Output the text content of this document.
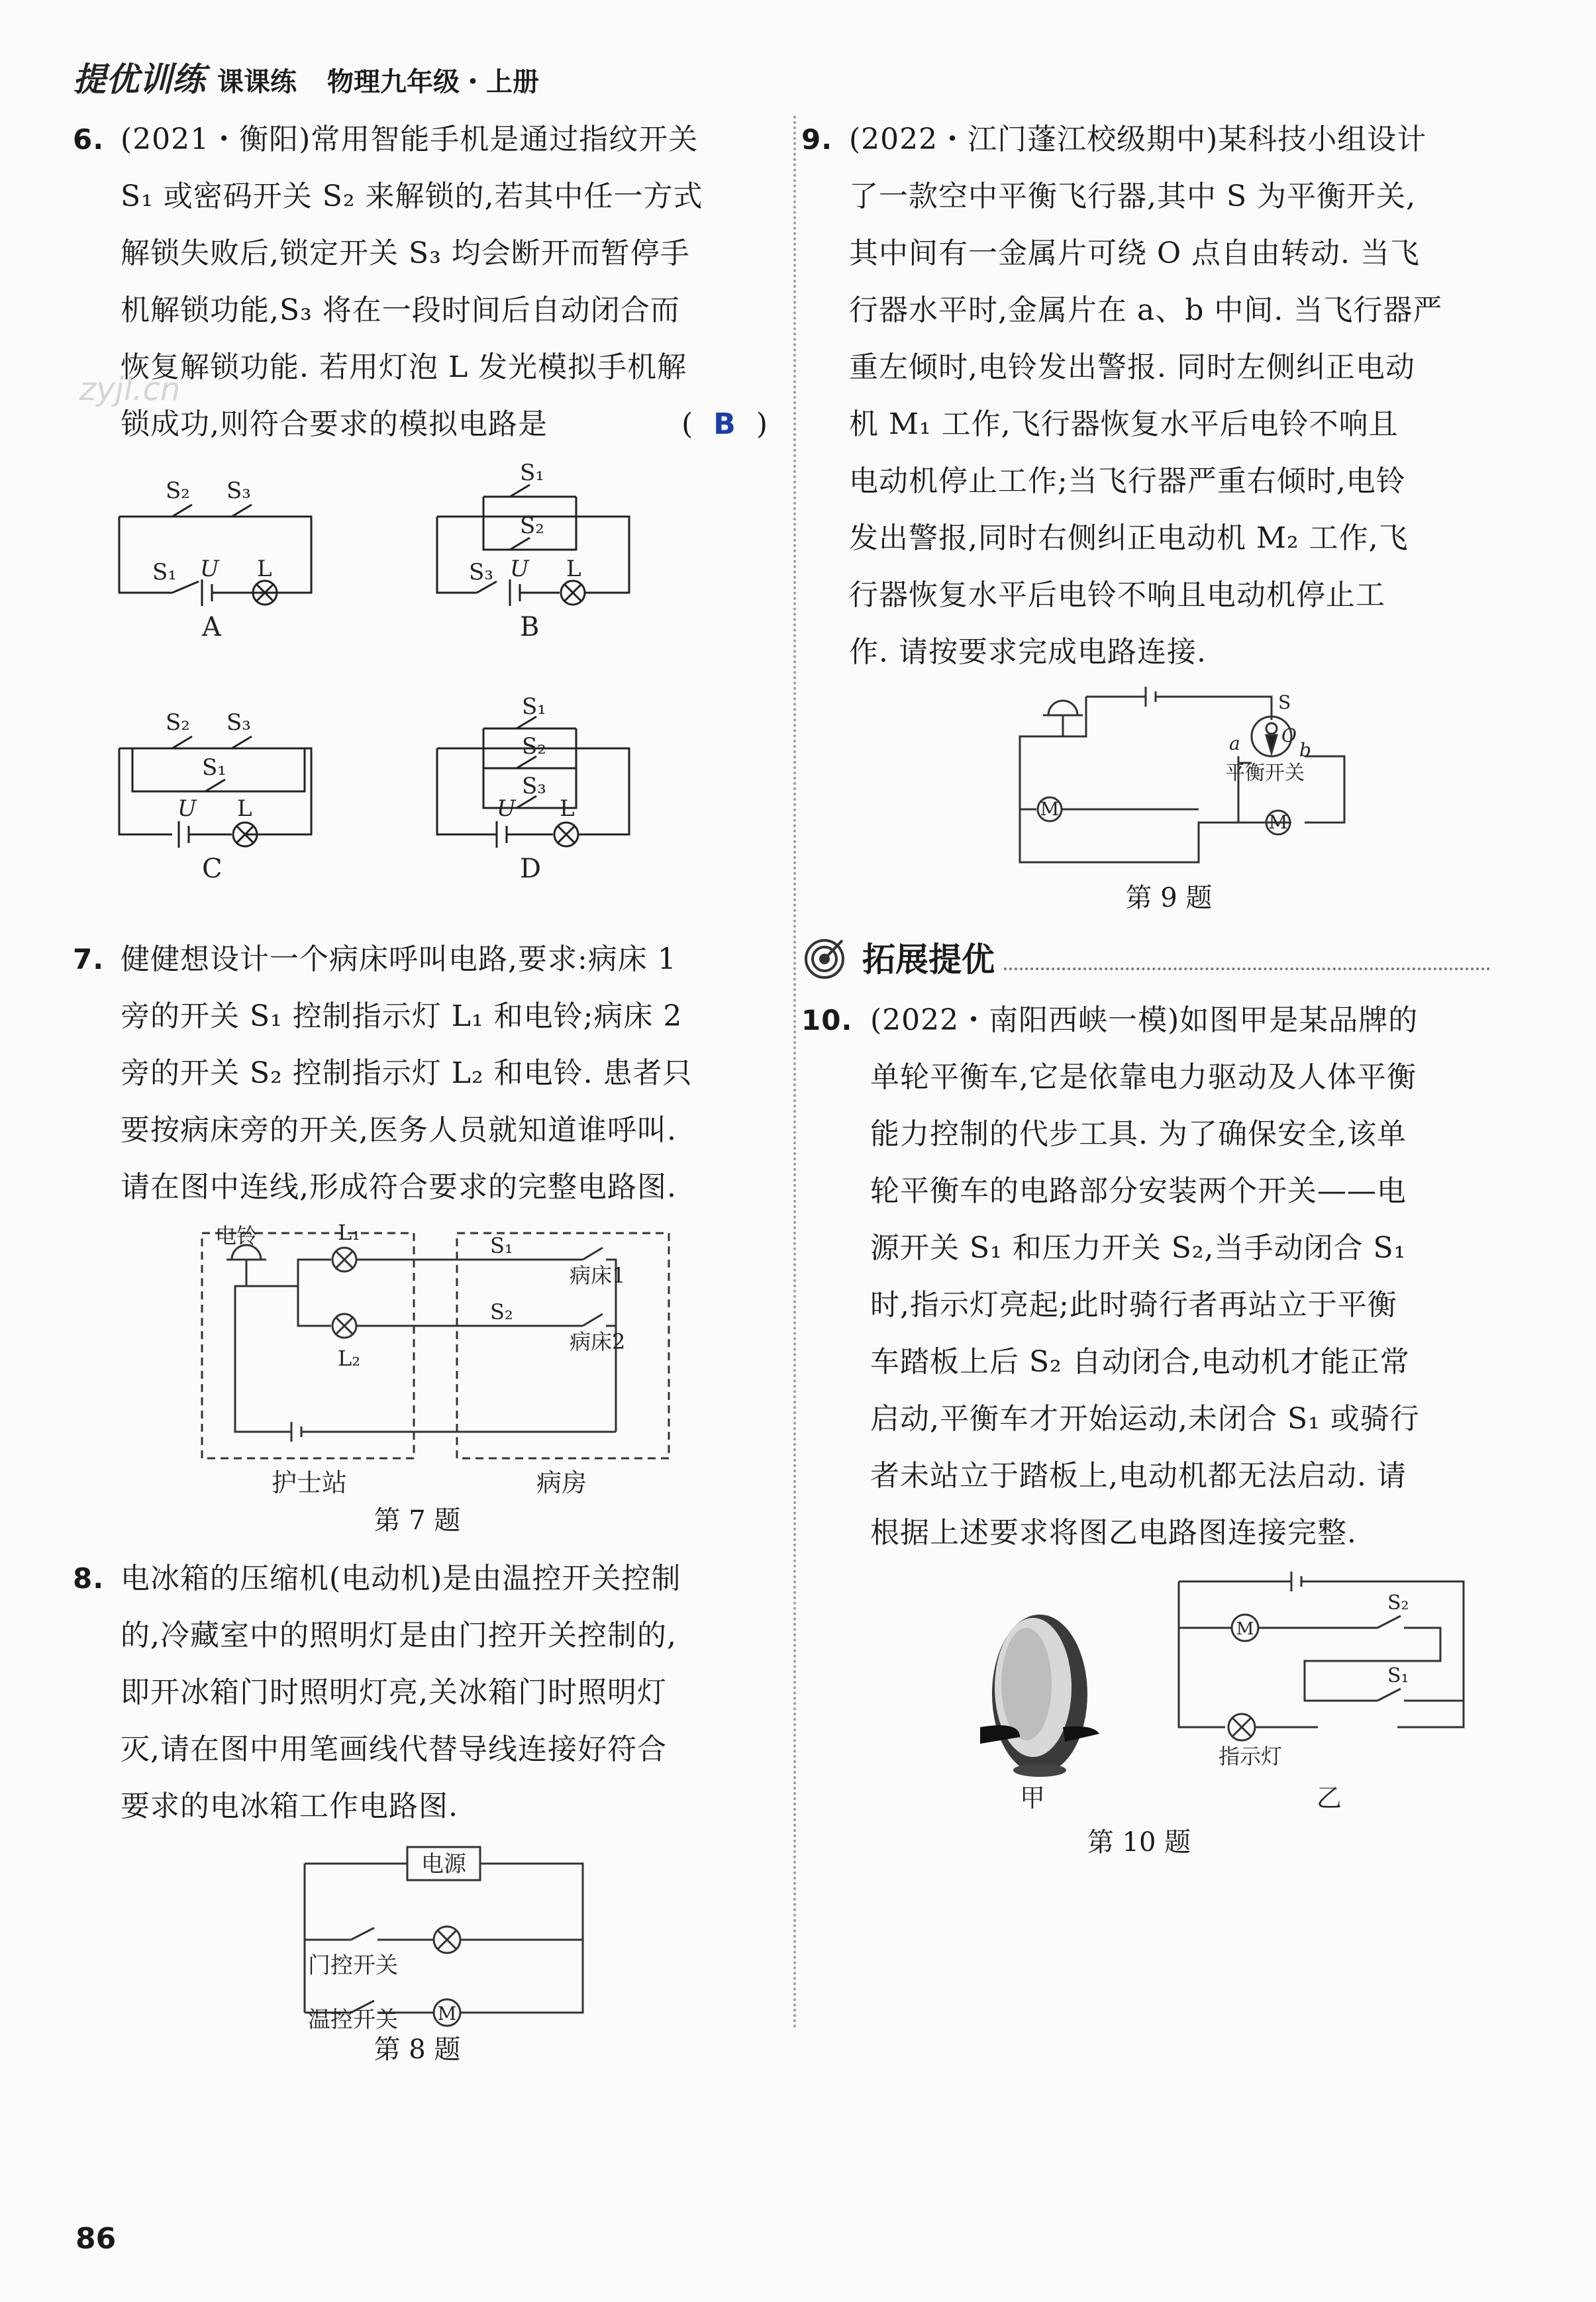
提优训练 课课练 物理九年级・上册
zyjl.cn
6. (2021・衡阳)常用智能手机是通过指纹开关
S₁ 或密码开关 S₂ 来解锁的,若其中任一方式
解锁失败后,锁定开关 S₃ 均会断开而暂停手
机解锁功能,S₃ 将在一段时间后自动闭合而
恢复解锁功能. 若用灯泡 L 发光模拟手机解
锁成功,则符合要求的模拟电路是	( B )
S₂ S₃
S₁ U L
A
S₁
S₂
S₃ U L
B
S₂ S₃
S₁
U L
C
S₁
S₂
S₃
U L
D
7. 健健想设计一个病床呼叫电路,要求:病床 1
旁的开关 S₁ 控制指示灯 L₁ 和电铃;病床 2
旁的开关 S₂ 控制指示灯 L₂ 和电铃. 患者只
要按病床旁的开关,医务人员就知道谁呼叫.
请在图中连线,形成符合要求的完整电路图.
电铃	L₁
L₂
S₁
S₂
病床1
病床2
护士站	病房
第 7 题
8. 电冰箱的压缩机(电动机)是由温控开关控制
的,冷藏室中的照明灯是由门控开关控制的,
即开冰箱门时照明灯亮,关冰箱门时照明灯
灭,请在图中用笔画线代替导线连接好符合
要求的电冰箱工作电路图.
电源
门控开关
温控开关 M
第 8 题
9. (2022・江门蓬江校级期中)某科技小组设计
了一款空中平衡飞行器,其中 S 为平衡开关,
其中间有一金属片可绕 O 点自由转动. 当飞
行器水平时,金属片在 a、b 中间. 当飞行器严
重左倾时,电铃发出警报. 同时左侧纠正电动
机 M₁ 工作,飞行器恢复水平后电铃不响且
电动机停止工作;当飞行器严重右倾时,电铃
发出警报,同时右侧纠正电动机 M₂ 工作,飞
行器恢复水平后电铃不响且电动机停止工
作. 请按要求完成电路连接.
M
M
S
O
a	b
平衡开关
第 9 题
拓展提优
10. (2022・南阳西峡一模)如图甲是某品牌的
单轮平衡车,它是依靠电力驱动及人体平衡
能力控制的代步工具. 为了确保安全,该单
轮平衡车的电路部分安装两个开关——电
源开关 S₁ 和压力开关 S₂,当手动闭合 S₁
时,指示灯亮起;此时骑行者再站立于平衡
车踏板上后 S₂ 自动闭合,电动机才能正常
启动,平衡车才开始运动,未闭合 S₁ 或骑行
者未站立于踏板上,电动机都无法启动. 请
根据上述要求将图乙电路图连接完整.
M
S₂
S₁
指示灯
甲	乙
第 10 题
86
